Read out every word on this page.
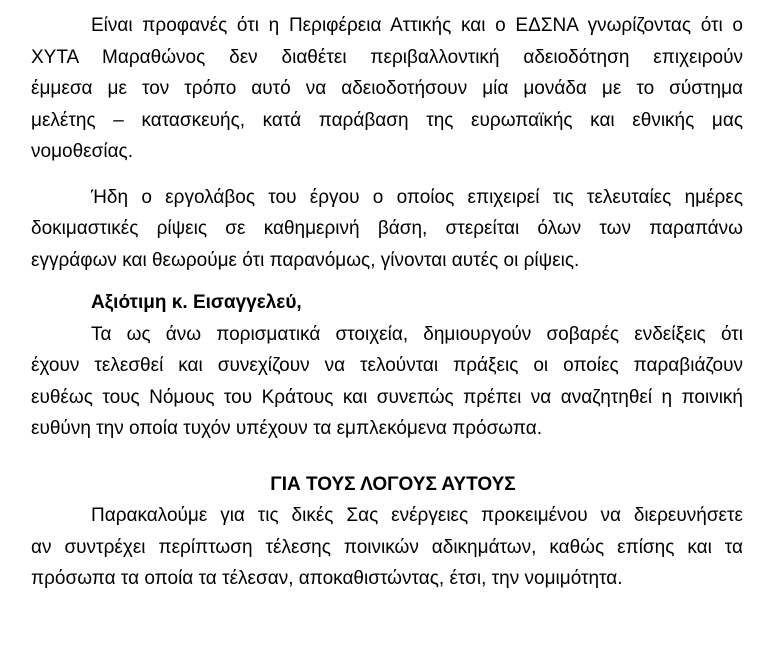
Είναι προφανές ότι η Περιφέρεια Αττικής και ο ΕΔΣΝΑ γνωρίζοντας ότι ο
ΧΥΤΑ Μαραθώνος δεν διαθέτει περιβαλλοντική αδειοδότηση επιχειρούν
έμμεσα με τον τρόπο αυτό να αδειοδοτήσουν μία μονάδα με το σύστημα
μελέτης – κατασκευής, κατά παράβαση της ευρωπαϊκής και εθνικής μας
νομοθεσίας.

Ήδη ο εργολάβος του έργου ο οποίος επιχειρεί τις τελευταίες ημέρες
δοκιμαστικές ρίψεις σε καθημερινή βάση, στερείται όλων των παραπάνω
εγγράφων και θεωρούμε ότι παρανόμως, γίνονται αυτές οι ρίψεις.

Αξιότιμη κ. Εισαγγελεύ,

Τα ως άνω πορισματικά στοιχεία, δημιουργούν σοβαρές ενδείξεις ότι
έχουν τελεσθεί και συνεχίζουν να τελούνται πράξεις οι οποίες παραβιάζουν
ευθέως τους Νόμους του Κράτους και συνεπώς πρέπει να αναζητηθεί η ποινική
ευθύνη την οποία τυχόν υπέχουν τα εμπλεκόμενα πρόσωπα.

ΓΙΑ ΤΟΥΣ ΛΟΓΟΥΣ ΑΥΤΟΥΣ

Παρακαλούμε για τις δικές Σας ενέργειες προκειμένου να διερευνήσετε
αν συντρέχει περίπτωση τέλεσης ποινικών αδικημάτων, καθώς επίσης και τα
πρόσωπα τα οποία τα τέλεσαν, αποκαθιστώντας, έτσι, την νομιμότητα.
